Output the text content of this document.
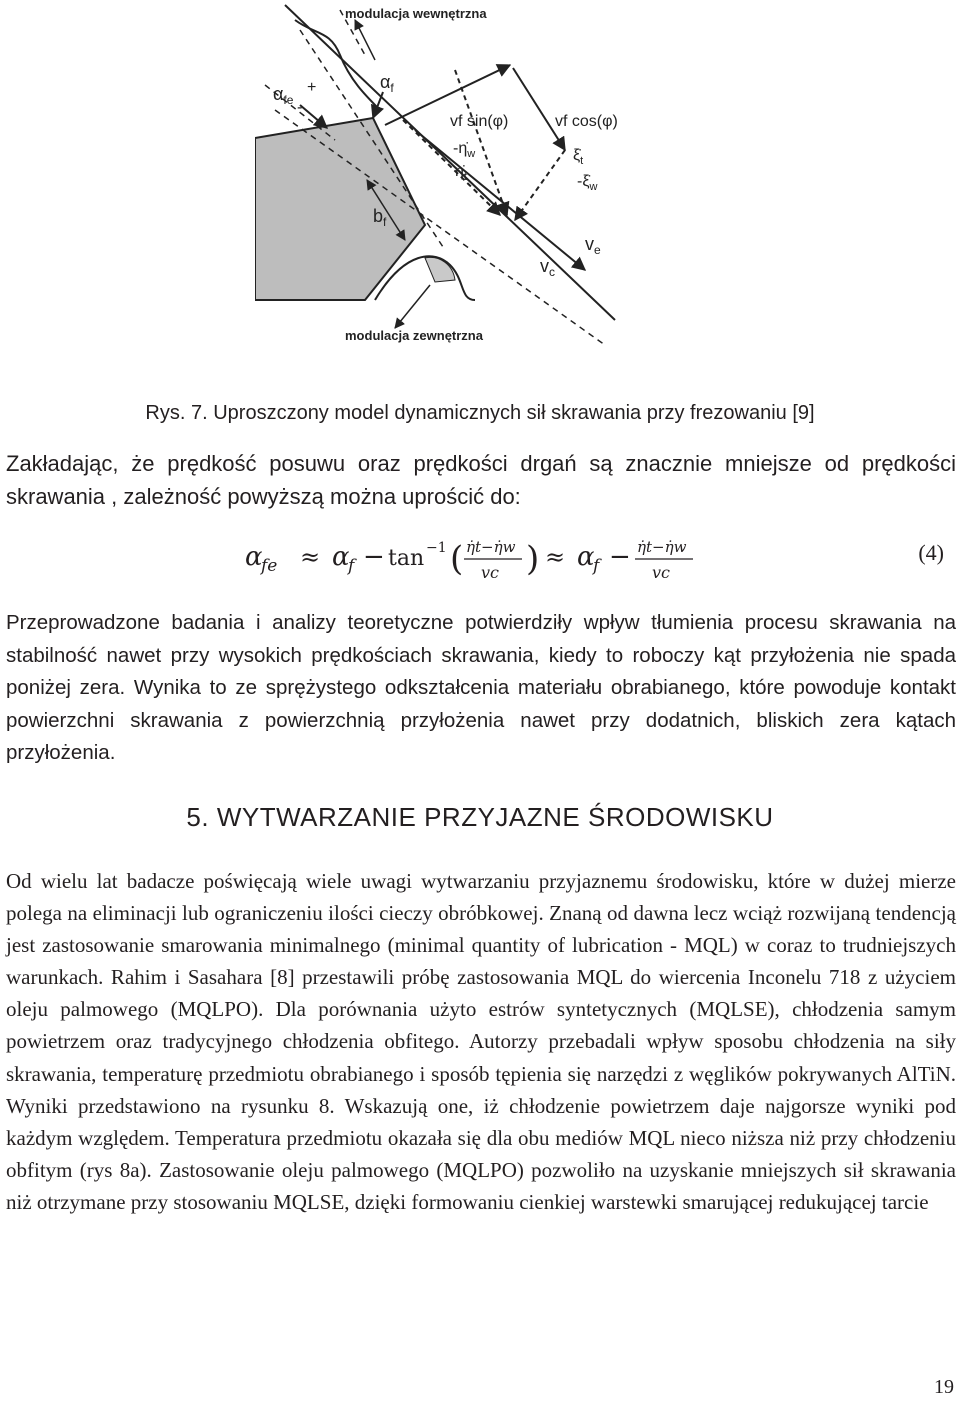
modulacja wewnętrzna
modulacja zewnętrzna
$\alpha_{fe}$
+
-
$\alpha_f$
$b_f$
vf sin(φ)	vf cos(φ)
$-\etȧ_w$
$\etȧ_t$
$\xi̇_t$
$-\xi̇_w$
$v_e$
$v_c$
Rys. 7. Uproszczony model dynamicznych sił skrawania przy frezowaniu [9]

Zakładając, że prędkość posuwu oraz prędkości drgań są znacznie mniejsze od prędkości skrawania , zależność powyższą można uprościć do:

α
fe ≈ α
f − tan −1 ( η̇t−η̇w
vc ) ≈ α
f − η̇t−η̇w
vc
(4)

Przeprowadzone badania i analizy teoretyczne potwierdziły wpływ tłumienia procesu skrawania na stabilność nawet przy wysokich prędkościach skrawania, kiedy to roboczy kąt przyłożenia nie spada poniżej zera. Wynika to ze sprężystego odkształcenia materiału obrabianego, które powoduje kontakt powierzchni skrawania z powierzchnią przyłożenia nawet przy dodatnich, bliskich zera kątach przyłożenia.

5. WYTWARZANIE PRZYJAZNE ŚRODOWISKU

Od wielu lat badacze poświęcają wiele uwagi wytwarzaniu przyjaznemu środowisku, które w dużej mierze polega na eliminacji lub ograniczeniu ilości cieczy obróbkowej. Znaną od dawna lecz wciąż rozwijaną tendencją jest zastosowanie smarowania minimalnego (minimal quantity of lubrication - MQL) w coraz to trudniejszych warunkach. Rahim i Sasahara [8] przestawili próbę zastosowania MQL do wiercenia Inconelu 718 z użyciem oleju palmowego (MQLPO). Dla porównania użyto estrów syntetycznych (MQLSE), chłodzenia samym powietrzem oraz tradycyjnego chłodzenia obfitego. Autorzy przebadali wpływ sposobu chłodzenia na siły skrawania, temperaturę przedmiotu obrabianego i sposób tępienia się narzędzi z węglików pokrywanych AlTiN. Wyniki przedstawiono na rysunku 8. Wskazują one, iż chłodzenie powietrzem daje najgorsze wyniki pod każdym względem. Temperatura przedmiotu okazała się dla obu mediów MQL nieco niższa niż przy chłodzeniu obfitym (rys 8a). Zastosowanie oleju palmowego (MQLPO) pozwoliło na uzyskanie mniejszych sił skrawania niż otrzymane przy stosowaniu MQLSE, dzięki formowaniu cienkiej warstewki smarującej redukującej tarcie

19
